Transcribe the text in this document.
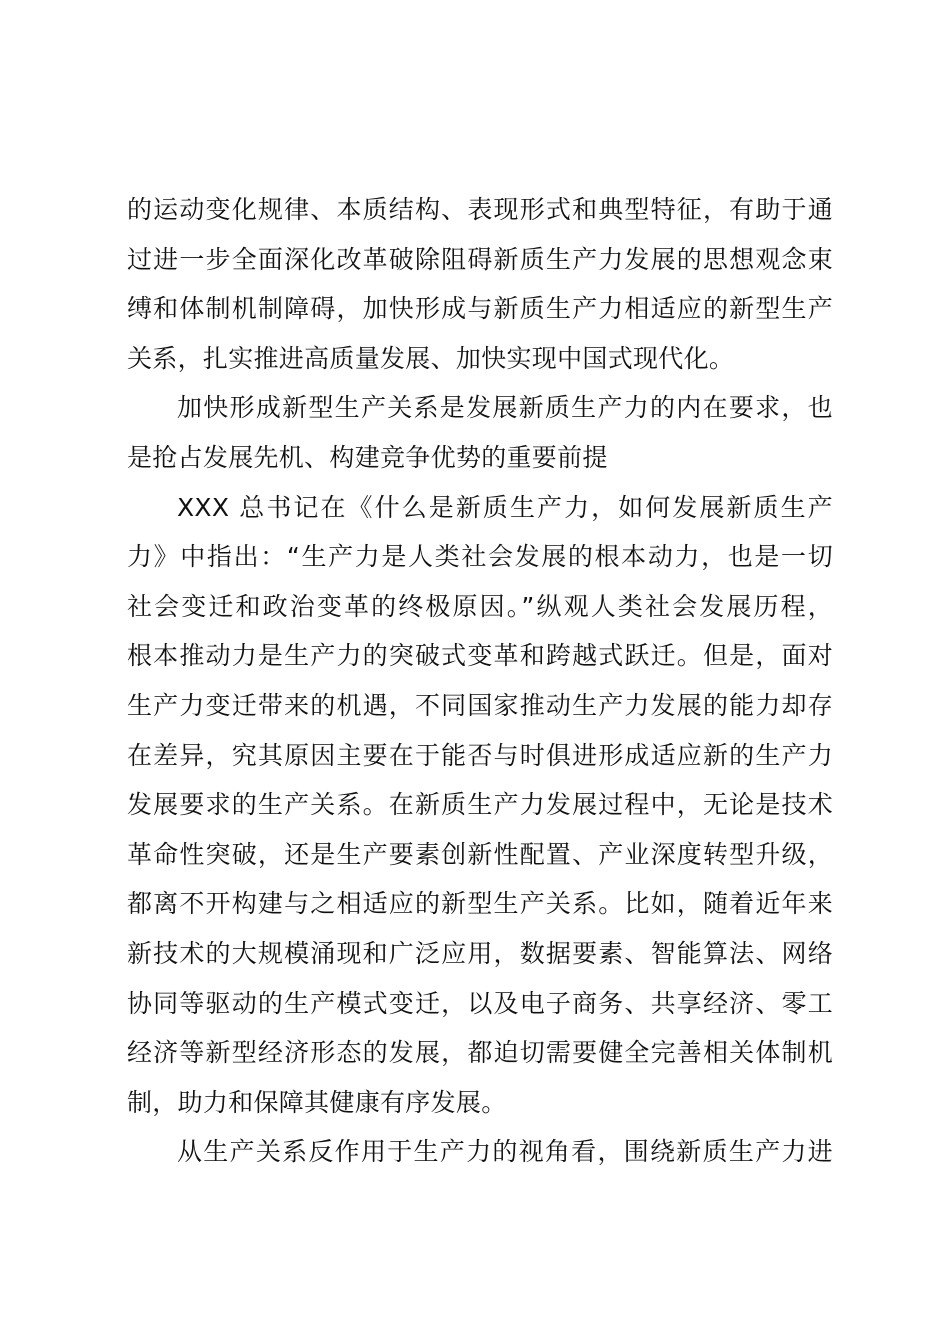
的运动变化规律、本质结构、表现形式和典型特征，有助于通
过进一步全面深化改革破除阻碍新质生产力发展的思想观念束
缚和体制机制障碍，加快形成与新质生产力相适应的新型生产
关系，扎实推进高质量发展、加快实现中国式现代化。
加快形成新型生产关系是发展新质生产力的内在要求，也
是抢占发展先机、构建竞争优势的重要前提
XXX 总书记在《什么是新质生产力，如何发展新质生产
力》中指出：“生产力是人类社会发展的根本动力，也是一切
社会变迁和政治变革的终极原因。”纵观人类社会发展历程，
根本推动力是生产力的突破式变革和跨越式跃迁。但是，面对
生产力变迁带来的机遇，不同国家推动生产力发展的能力却存
在差异，究其原因主要在于能否与时俱进形成适应新的生产力
发展要求的生产关系。在新质生产力发展过程中，无论是技术
革命性突破，还是生产要素创新性配置、产业深度转型升级，
都离不开构建与之相适应的新型生产关系。比如，随着近年来
新技术的大规模涌现和广泛应用，数据要素、智能算法、网络
协同等驱动的生产模式变迁，以及电子商务、共享经济、零工
经济等新型经济形态的发展，都迫切需要健全完善相关体制机
制，助力和保障其健康有序发展。
从生产关系反作用于生产力的视角看，围绕新质生产力进
